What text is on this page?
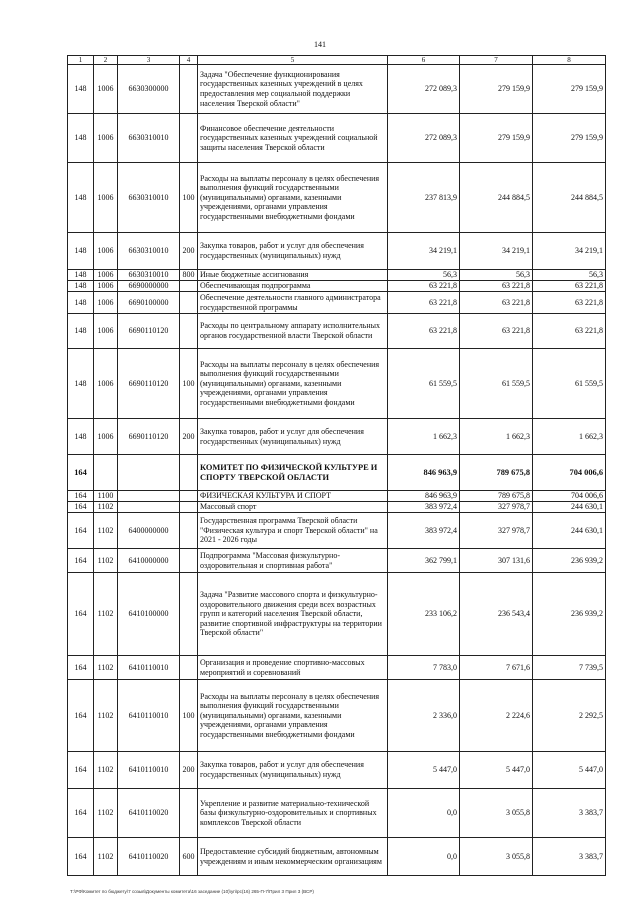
141
1	2	3	4	5	6	7	8
148	1006	6630300000		Задача "Обеспечение функционирования государственных казенных учреждений в целях предоставления мер социальной поддержки населения Тверской области"	272 089,3	279 159,9	279 159,9
148	1006	6630310010		Финансовое обеспечение деятельности государственных казенных учреждений социальной защиты населения Тверской области	272 089,3	279 159,9	279 159,9
148	1006	6630310010	100	Расходы на выплаты персоналу в целях обеспечения выполнения функций государственными (муниципальными) органами, казенными учреждениями, органами управления государственными внебюджетными фондами	237 813,9	244 884,5	244 884,5
148	1006	6630310010	200	Закупка товаров, работ и услуг для обеспечения государственных (муниципальных) нужд	34 219,1	34 219,1	34 219,1
148	1006	6630310010	800	Иные бюджетные ассигнования	56,3	56,3	56,3
148	1006	6690000000		Обеспечивающая подпрограмма	63 221,8	63 221,8	63 221,8
148	1006	6690100000		Обеспечение деятельности главного администратора государственной программы	63 221,8	63 221,8	63 221,8
148	1006	6690110120		Расходы по центральному аппарату исполнительных органов государственной власти Тверской области	63 221,8	63 221,8	63 221,8
148	1006	6690110120	100	Расходы на выплаты персоналу в целях обеспечения выполнения функций государственными (муниципальными) органами, казенными учреждениями, органами управления государственными внебюджетными фондами	61 559,5	61 559,5	61 559,5
148	1006	6690110120	200	Закупка товаров, работ и услуг для обеспечения государственных (муниципальных) нужд	1 662,3	1 662,3	1 662,3
164				КОМИТЕТ ПО ФИЗИЧЕСКОЙ КУЛЬТУРЕ И СПОРТУ ТВЕРСКОЙ ОБЛАСТИ	846 963,9	789 675,8	704 006,6
164	1100			ФИЗИЧЕСКАЯ КУЛЬТУРА И СПОРТ	846 963,9	789 675,8	704 006,6
164	1102			Массовый спорт	383 972,4	327 978,7	244 630,1
164	1102	6400000000		Государственная программа Тверской области "Физическая культура и спорт Тверской области" на 2021 - 2026 годы	383 972,4	327 978,7	244 630,1
164	1102	6410000000		Подпрограмма "Массовая физкультурно-оздоровительная и спортивная работа"	362 799,1	307 131,6	236 939,2
164	1102	6410100000		Задача "Развитие массового спорта и физкультурно-оздоровительного движения среди всех возрастных групп и категорий населения Тверской области, развитие спортивной инфраструктуры на территории Тверской области"	233 106,2	236 543,4	236 939,2
164	1102	6410110010		Организация и проведение спортивно-массовых мероприятий и соревнований	7 783,0	7 671,6	7 739,5
164	1102	6410110010	100	Расходы на выплаты персоналу в целях обеспечения выполнения функций государственными (муниципальными) органами, казенными учреждениями, органами управления государственными внебюджетными фондами	2 336,0	2 224,6	2 292,5
164	1102	6410110010	200	Закупка товаров, работ и услуг для обеспечения государственных (муниципальных) нужд	5 447,0	5 447,0	5 447,0
164	1102	6410110020		Укрепление и развитие материально-технической базы физкультурно-оздоровительных и спортивных комплексов Тверской области	0,0	3 055,8	3 383,7
164	1102	6410110020	600	Предоставление субсидий бюджетным, автономным учреждениям и иным некоммерческим организациям	0,0	3 055,8	3 383,7
Т:\РФ\Комитет по бюджету\7 созыв\Документы комитета\16 заседание (10)\уп\рс(16) 265-П-7\Прил 3 Прил 3 (ВСР)
